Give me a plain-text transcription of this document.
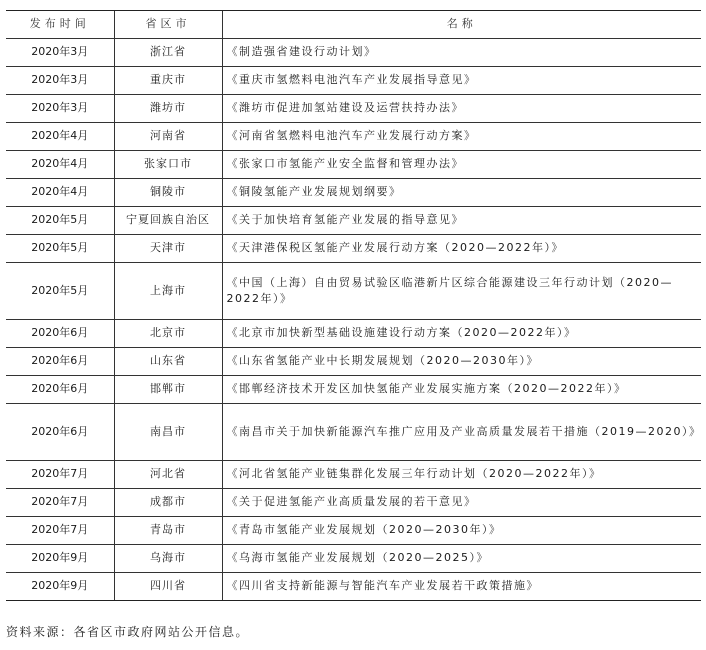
发布时间	省区市	名称
2020年3月	浙江省	《制造强省建设行动计划》
2020年3月	重庆市	《重庆市氢燃料电池汽车产业发展指导意见》
2020年3月	潍坊市	《潍坊市促进加氢站建设及运营扶持办法》
2020年4月	河南省	《河南省氢燃料电池汽车产业发展行动方案》
2020年4月	张家口市	《张家口市氢能产业安全监督和管理办法》
2020年4月	铜陵市	《铜陵氢能产业发展规划纲要》
2020年5月	宁夏回族自治区	《关于加快培育氢能产业发展的指导意见》
2020年5月	天津市	《天津港保税区氢能产业发展行动方案（2020—2022年）》
2020年5月	上海市	《中国（上海）自由贸易试验区临港新片区综合能源建设三年行动计划（2020—2022年）》
2020年6月	北京市	《北京市加快新型基础设施建设行动方案（2020—2022年）》
2020年6月	山东省	《山东省氢能产业中长期发展规划（2020—2030年）》
2020年6月	邯郸市	《邯郸经济技术开发区加快氢能产业发展实施方案（2020—2022年）》
2020年6月	南昌市	《南昌市关于加快新能源汽车推广应用及产业高质量发展若干措施（2019—2020）》
2020年7月	河北省	《河北省氢能产业链集群化发展三年行动计划（2020—2022年）》
2020年7月	成都市	《关于促进氢能产业高质量发展的若干意见》
2020年7月	青岛市	《青岛市氢能产业发展规划（2020—2030年）》
2020年9月	乌海市	《乌海市氢能产业发展规划（2020—2025）》
2020年9月	四川省	《四川省支持新能源与智能汽车产业发展若干政策措施》
资料来源：各省区市政府网站公开信息。
